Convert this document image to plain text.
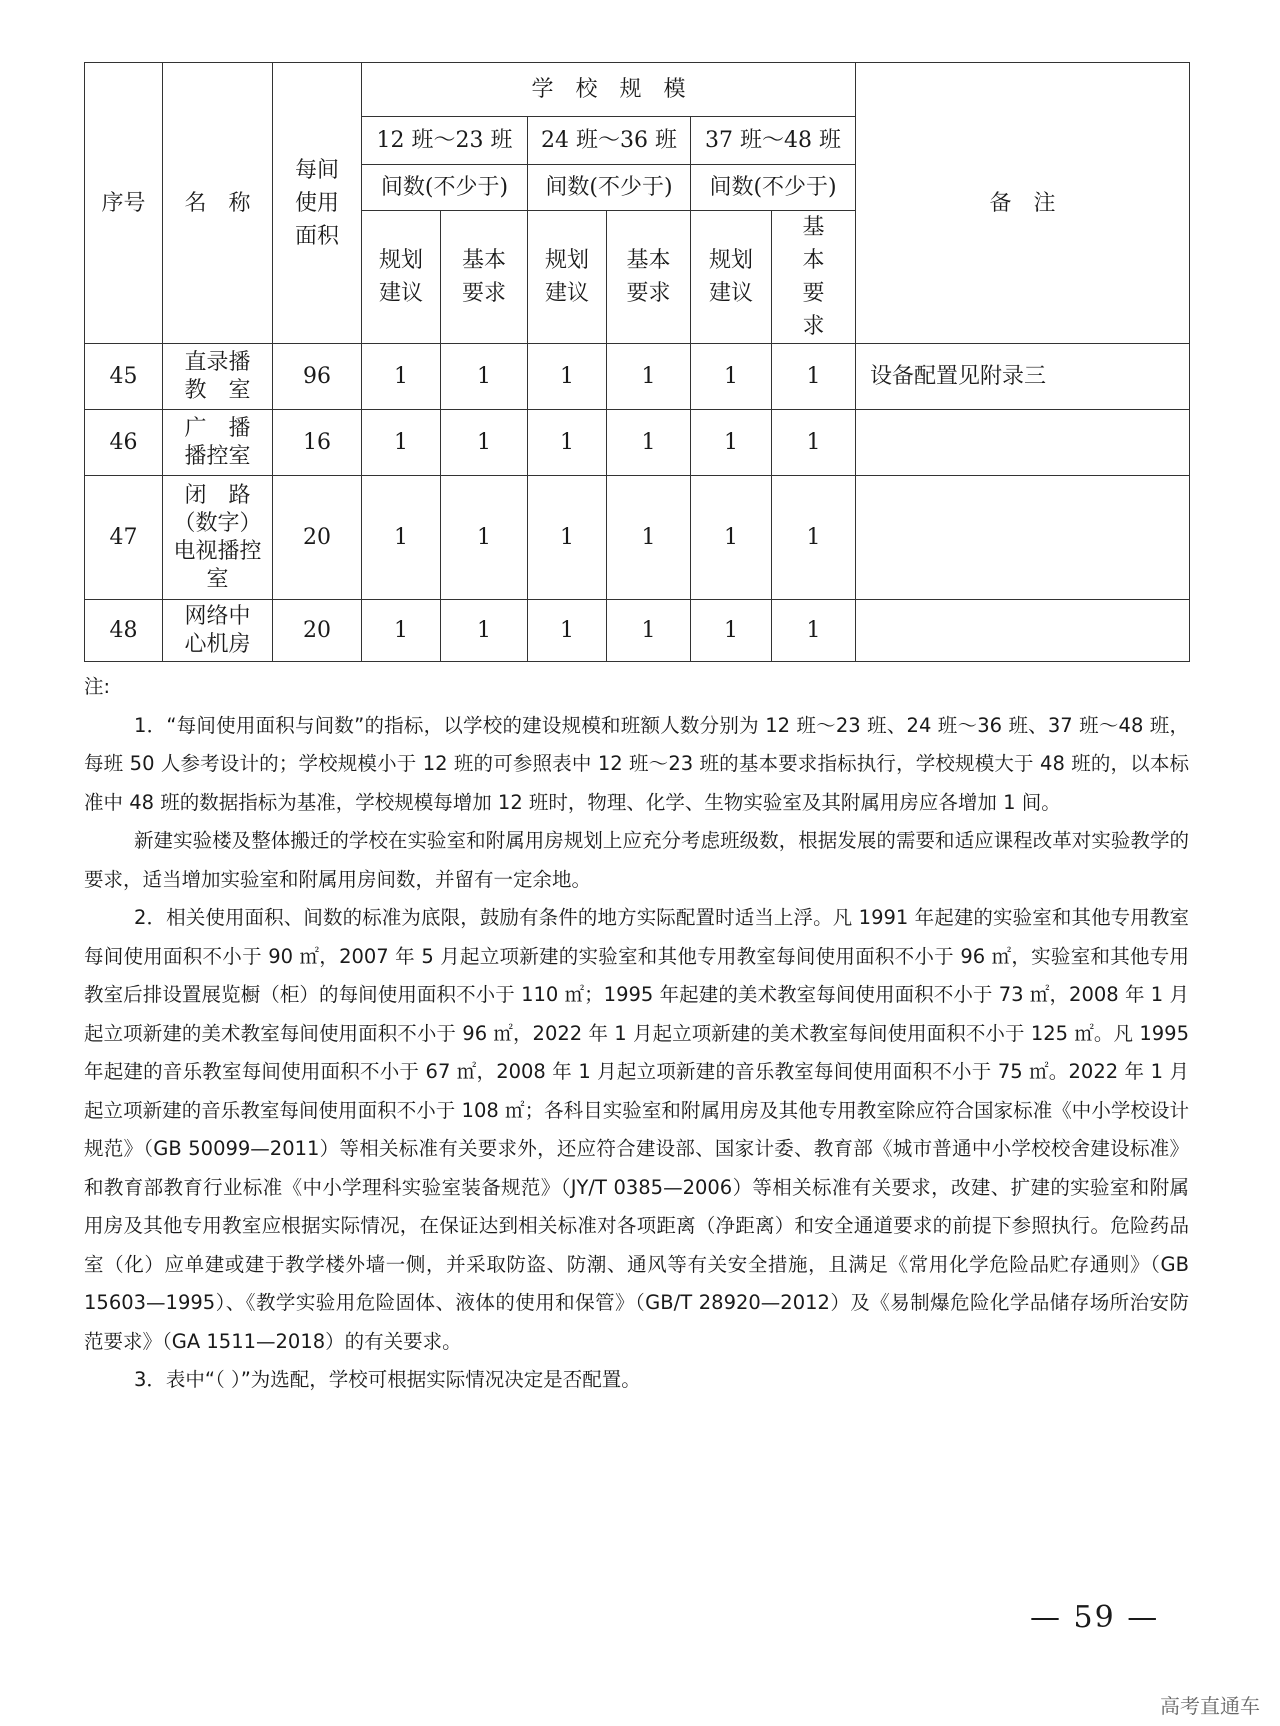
序号	名　称	每间使用面积	学　校　规　模						备　注
			12 班～23 班		24 班～36 班		37 班～48 班		
			间数(不少于)		间数(不少于)		间数(不少于)		
			规划建议	基本要求	规划建议	基本要求	规划建议	基本要求	
45	直录播教　室	96	1	1	1	1	1	1	设备配置见附录三
46	广　播播控室	16	1	1	1	1	1	1	
47	闭　路（数字）电视播控　室	20	1	1	1	1	1	1	
48	网络中心机房	20	1	1	1	1	1	1	

注:

1．“每间使用面积与间数”的指标，以学校的建设规模和班额人数分别为 12 班～23 班、24 班～36 班、37 班～48 班，每班 50 人参考设计的；学校规模小于 12 班的可参照表中 12 班～23 班的基本要求指标执行，学校规模大于 48 班的，以本标准中 48 班的数据指标为基准，学校规模每增加 12 班时，物理、化学、生物实验室及其附属用房应各增加 1 间。

新建实验楼及整体搬迁的学校在实验室和附属用房规划上应充分考虑班级数，根据发展的需要和适应课程改革对实验教学的要求，适当增加实验室和附属用房间数，并留有一定余地。

2．相关使用面积、间数的标准为底限，鼓励有条件的地方实际配置时适当上浮。凡 1991 年起建的实验室和其他专用教室每间使用面积不小于 90 ㎡，2007 年 5 月起立项新建的实验室和其他专用教室每间使用面积不小于 96 ㎡，实验室和其他专用教室后排设置展览橱（柜）的每间使用面积不小于 110 ㎡；1995 年起建的美术教室每间使用面积不小于 73 ㎡，2008 年 1 月起立项新建的美术教室每间使用面积不小于 96 ㎡，2022 年 1 月起立项新建的美术教室每间使用面积不小于 125 ㎡。凡 1995 年起建的音乐教室每间使用面积不小于 67 ㎡，2008 年 1 月起立项新建的音乐教室每间使用面积不小于 75 ㎡。2022 年 1 月起立项新建的音乐教室每间使用面积不小于 108 ㎡；各科目实验室和附属用房及其他专用教室除应符合国家标准《中小学校设计规范》（GB 50099—2011）等相关标准有关要求外，还应符合建设部、国家计委、教育部《城市普通中小学校校舍建设标准》和教育部教育行业标准《中小学理科实验室装备规范》（JY/T 0385—2006）等相关标准有关要求，改建、扩建的实验室和附属用房及其他专用教室应根据实际情况，在保证达到相关标准对各项距离（净距离）和安全通道要求的前提下参照执行。危险药品室（化）应单建或建于教学楼外墙一侧，并采取防盗、防潮、通风等有关安全措施，且满足《常用化学危险品贮存通则》（GB 15603—1995）、《教学实验用危险固体、液体的使用和保管》（GB/T 28920—2012）及《易制爆危险化学品储存场所治安防范要求》（GA 1511—2018）的有关要求。

3．表中“（ ）”为选配，学校可根据实际情况决定是否配置。

— 59 —
高考直通车
